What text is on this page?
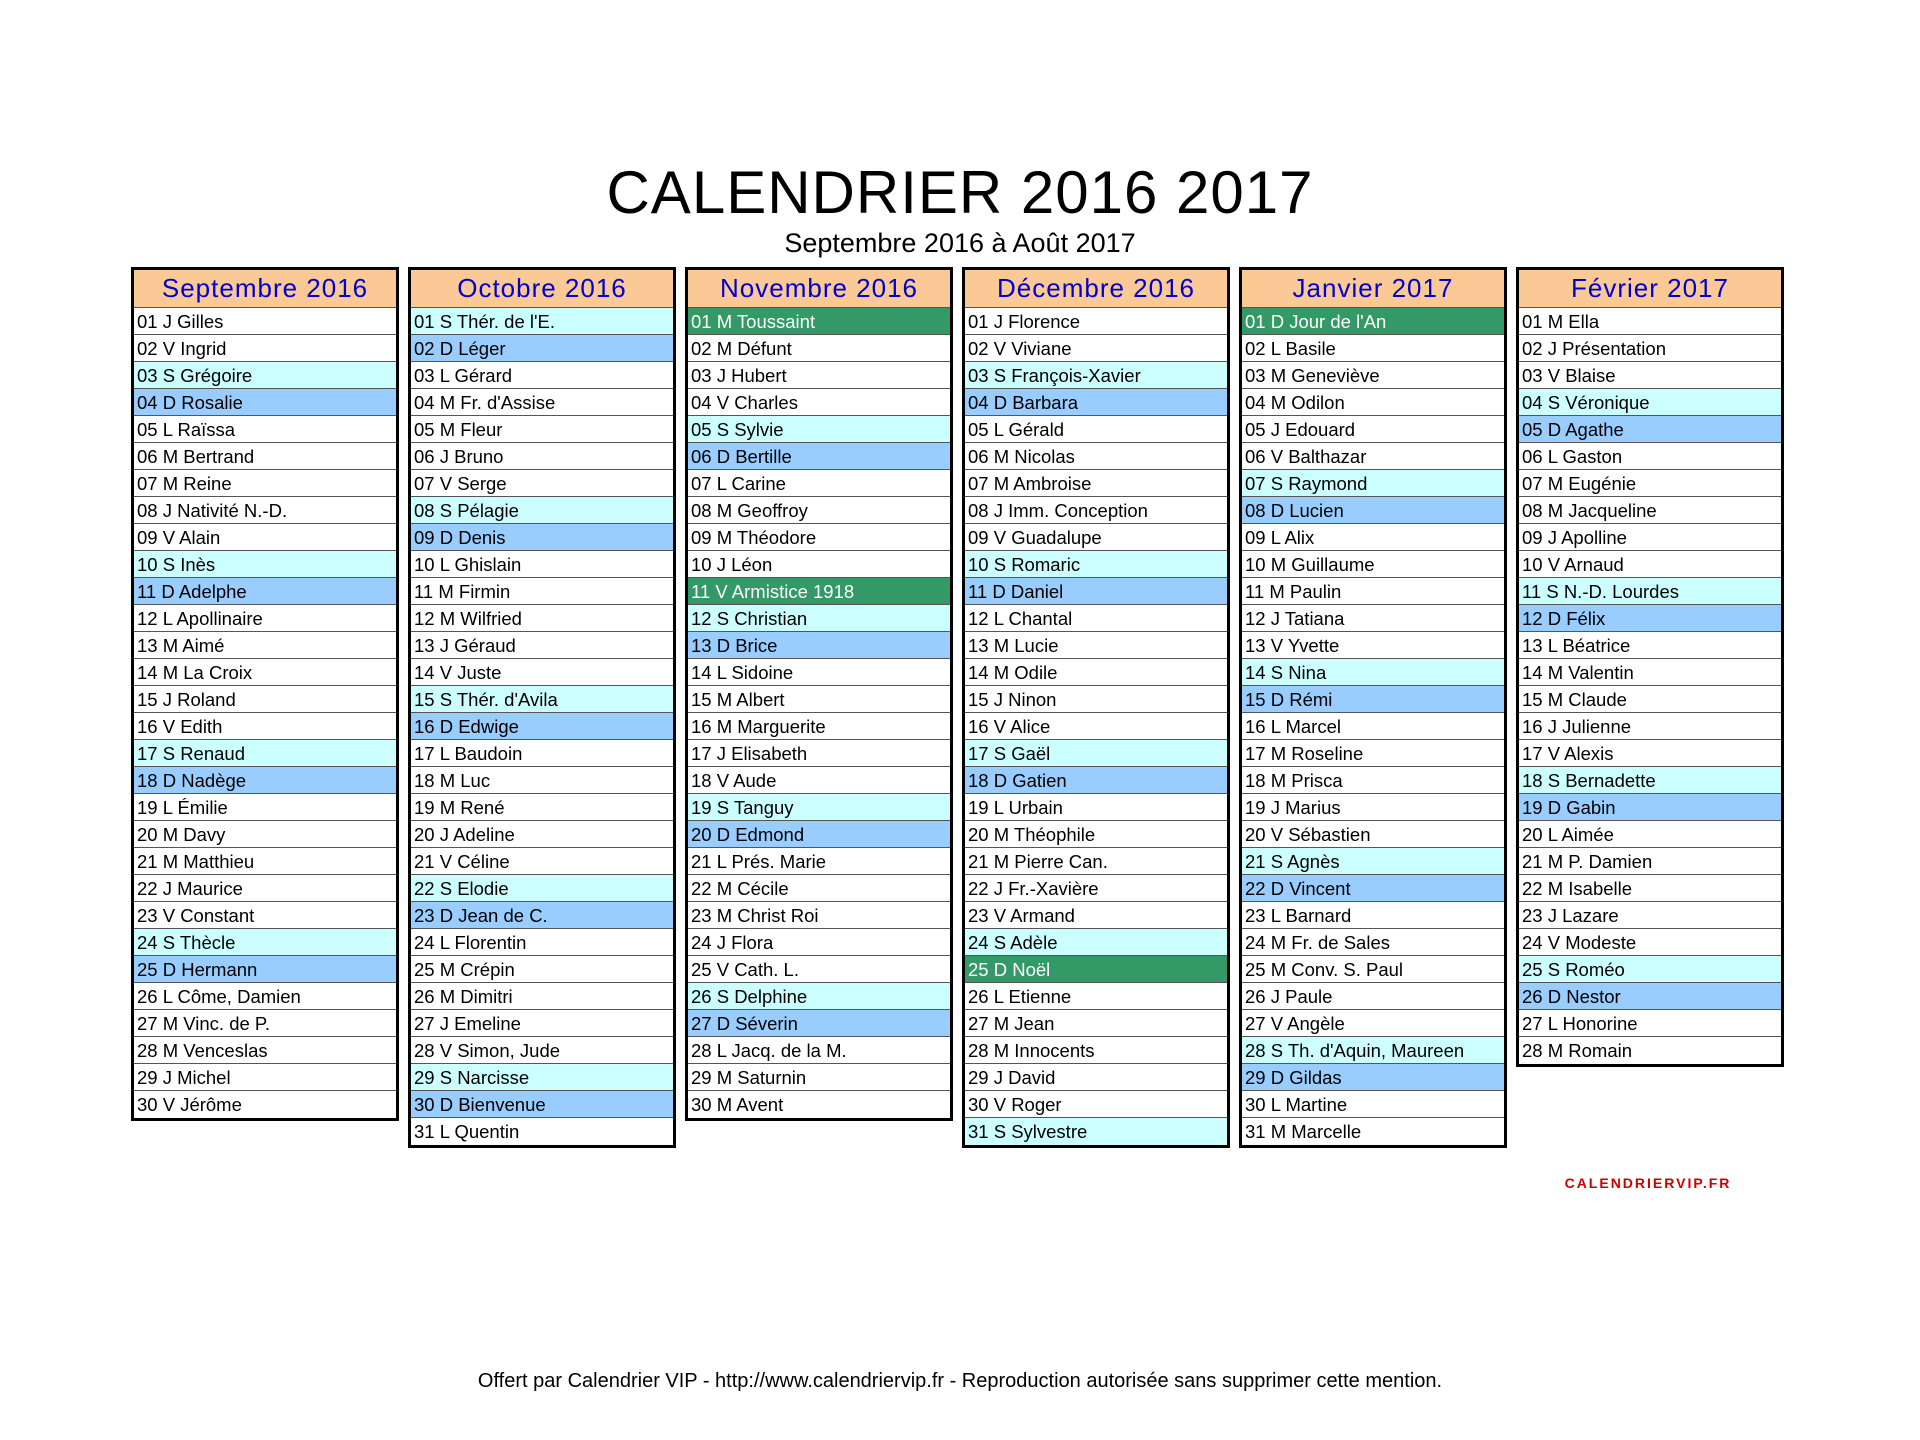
CALENDRIER 2016 2017
Septembre 2016 à Août 2017
Septembre 2016
01 J Gilles
02 V Ingrid
03 S Grégoire
04 D Rosalie
05 L Raïssa
06 M Bertrand
07 M Reine
08 J Nativité N.-D.
09 V Alain
10 S Inès
11 D Adelphe
12 L Apollinaire
13 M Aimé
14 M La Croix
15 J Roland
16 V Edith
17 S Renaud
18 D Nadège
19 L Émilie
20 M Davy
21 M Matthieu
22 J Maurice
23 V Constant
24 S Thècle
25 D Hermann
26 L Côme, Damien
27 M Vinc. de P.
28 M Venceslas
29 J Michel
30 V Jérôme
Octobre 2016
01 S Thér. de l'E.
02 D Léger
03 L Gérard
04 M Fr. d'Assise
05 M Fleur
06 J Bruno
07 V Serge
08 S Pélagie
09 D Denis
10 L Ghislain
11 M Firmin
12 M Wilfried
13 J Géraud
14 V Juste
15 S Thér. d'Avila
16 D Edwige
17 L Baudoin
18 M Luc
19 M René
20 J Adeline
21 V Céline
22 S Elodie
23 D Jean de C.
24 L Florentin
25 M Crépin
26 M Dimitri
27 J Emeline
28 V Simon, Jude
29 S Narcisse
30 D Bienvenue
31 L Quentin
Novembre 2016
01 M Toussaint
02 M Défunt
03 J Hubert
04 V Charles
05 S Sylvie
06 D Bertille
07 L Carine
08 M Geoffroy
09 M Théodore
10 J Léon
11 V Armistice 1918
12 S Christian
13 D Brice
14 L Sidoine
15 M Albert
16 M Marguerite
17 J Elisabeth
18 V Aude
19 S Tanguy
20 D Edmond
21 L Prés. Marie
22 M Cécile
23 M Christ Roi
24 J Flora
25 V Cath. L.
26 S Delphine
27 D Séverin
28 L Jacq. de la M.
29 M Saturnin
30 M Avent
Décembre 2016
01 J Florence
02 V Viviane
03 S François-Xavier
04 D Barbara
05 L Gérald
06 M Nicolas
07 M Ambroise
08 J Imm. Conception
09 V Guadalupe
10 S Romaric
11 D Daniel
12 L Chantal
13 M Lucie
14 M Odile
15 J Ninon
16 V Alice
17 S Gaël
18 D Gatien
19 L Urbain
20 M Théophile
21 M Pierre Can.
22 J Fr.-Xavière
23 V Armand
24 S Adèle
25 D Noël
26 L Etienne
27 M Jean
28 M Innocents
29 J David
30 V Roger
31 S Sylvestre
Janvier 2017
01 D Jour de l'An
02 L Basile
03 M Geneviève
04 M Odilon
05 J Edouard
06 V Balthazar
07 S Raymond
08 D Lucien
09 L Alix
10 M Guillaume
11 M Paulin
12 J Tatiana
13 V Yvette
14 S Nina
15 D Rémi
16 L Marcel
17 M Roseline
18 M Prisca
19 J Marius
20 V Sébastien
21 S Agnès
22 D Vincent
23 L Barnard
24 M Fr. de Sales
25 M Conv. S. Paul
26 J Paule
27 V Angèle
28 S Th. d'Aquin, Maureen
29 D Gildas
30 L Martine
31 M Marcelle
Février 2017
01 M Ella
02 J Présentation
03 V Blaise
04 S Véronique
05 D Agathe
06 L Gaston
07 M Eugénie
08 M Jacqueline
09 J Apolline
10 V Arnaud
11 S N.-D. Lourdes
12 D Félix
13 L Béatrice
14 M Valentin
15 M Claude
16 J Julienne
17 V Alexis
18 S Bernadette
19 D Gabin
20 L Aimée
21 M P. Damien
22 M Isabelle
23 J Lazare
24 V Modeste
25 S Roméo
26 D Nestor
27 L Honorine
28 M Romain
CALENDRIERVIP.FR
Offert par Calendrier VIP - http://www.calendriervip.fr - Reproduction autorisée sans supprimer cette mention.
